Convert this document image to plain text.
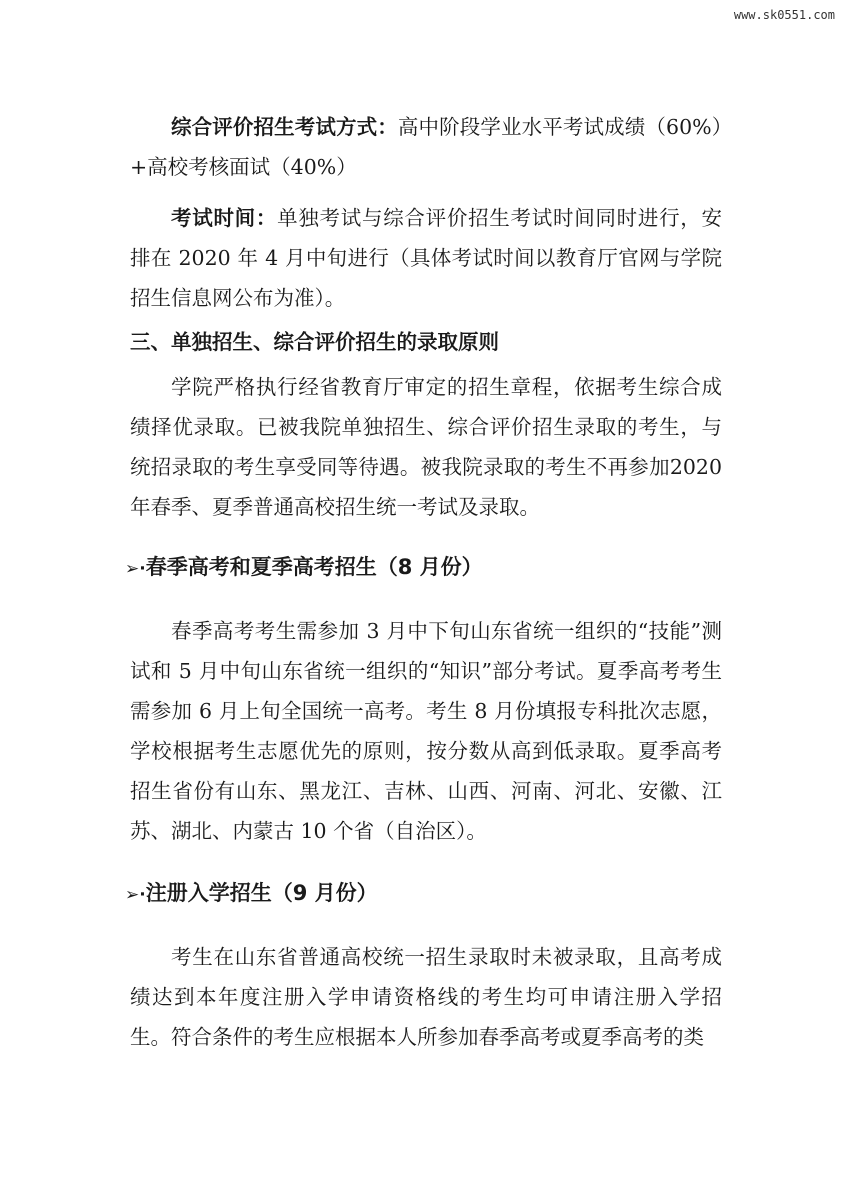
www.sk0551.com

综合评价招生考试方式：高中阶段学业水平考试成绩（60%）+高校考核面试（40%）

考试时间：单独考试与综合评价招生考试时间同时进行，安排在 2020 年 4 月中旬进行（具体考试时间以教育厅官网与学院招生信息网公布为准）。

三、单独招生、综合评价招生的录取原则

学院严格执行经省教育厅审定的招生章程，依据考生综合成绩择优录取。已被我院单独招生、综合评价招生录取的考生，与统招录取的考生享受同等待遇。被我院录取的考生不再参加2020年春季、夏季普通高校招生统一考试及录取。

➢·春季高考和夏季高考招生（8 月份）

春季高考考生需参加 3 月中下旬山东省统一组织的“技能”测试和 5 月中旬山东省统一组织的“知识”部分考试。夏季高考考生需参加 6 月上旬全国统一高考。考生 8 月份填报专科批次志愿，学校根据考生志愿优先的原则，按分数从高到低录取。夏季高考招生省份有山东、黑龙江、吉林、山西、河南、河北、安徽、江苏、湖北、内蒙古 10 个省（自治区）。

➢·注册入学招生（9 月份）

考生在山东省普通高校统一招生录取时未被录取，且高考成绩达到本年度注册入学申请资格线的考生均可申请注册入学招生。符合条件的考生应根据本人所参加春季高考或夏季高考的类
